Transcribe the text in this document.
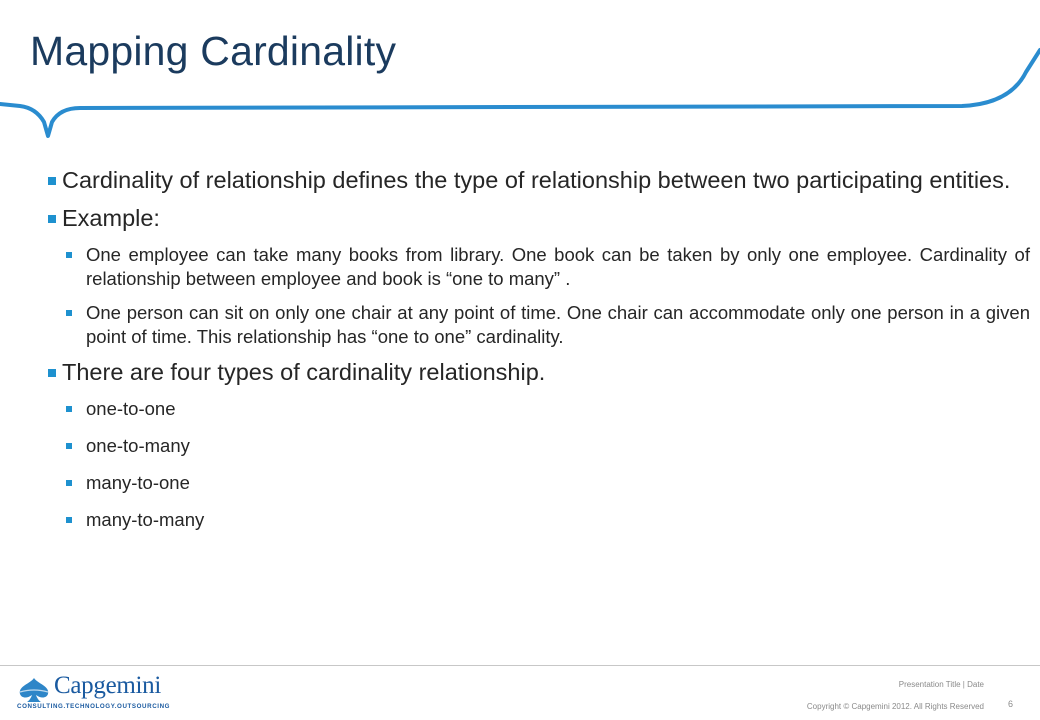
Mapping Cardinality
Cardinality of relationship defines the type of relationship between two participating entities.
Example:
One employee can take many books from library. One book can be taken by only one employee. Cardinality of relationship between employee and book is “one to many” .
One person can sit on only one chair at any point of time. One chair can accommodate only one person in a given point of time. This relationship has “one to one” cardinality.
There are four types of cardinality relationship.
one-to-one
one-to-many
many-to-one
many-to-many
Capgemini
CONSULTING.TECHNOLOGY.OUTSOURCING
Presentation Title | Date
Copyright © Capgemini 2012. All Rights Reserved	6
